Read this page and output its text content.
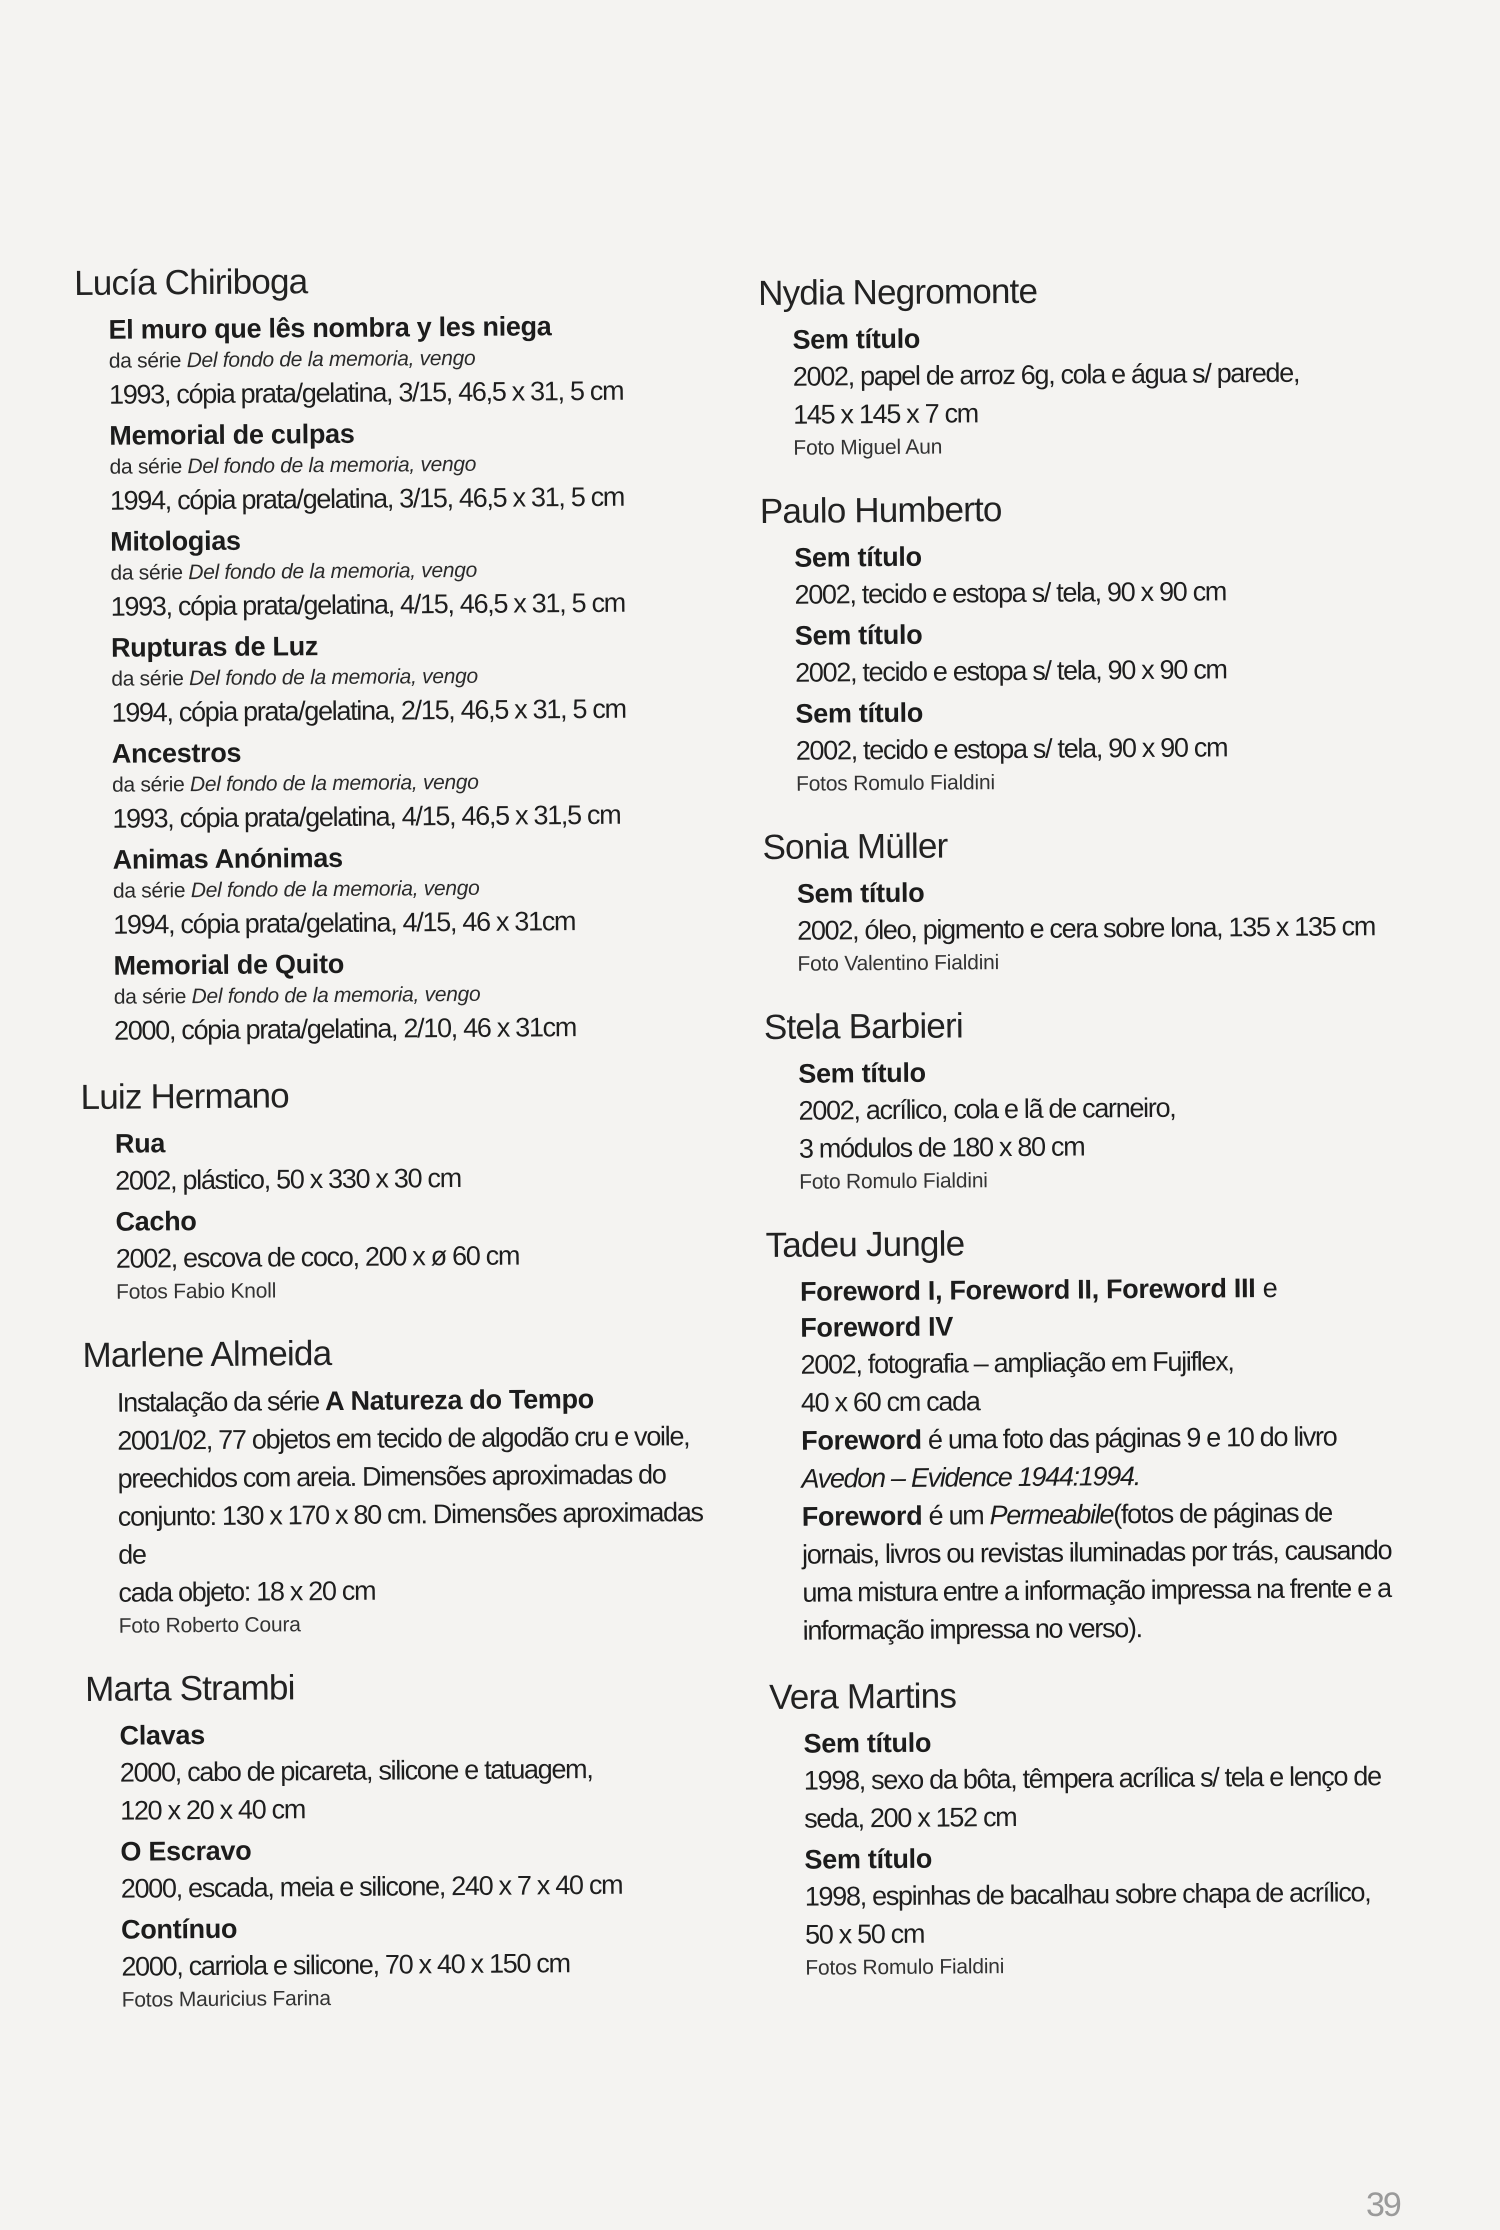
Lucía Chiriboga
El muro que lês nombra y les niega
da série Del fondo de la memoria, vengo
1993, cópia prata/gelatina, 3/15, 46,5 x 31, 5 cm
Memorial de culpas
da série Del fondo de la memoria, vengo
1994, cópia prata/gelatina, 3/15, 46,5 x 31, 5 cm
Mitologias
da série Del fondo de la memoria, vengo
1993, cópia prata/gelatina, 4/15, 46,5 x 31, 5 cm
Rupturas de Luz
da série Del fondo de la memoria, vengo
1994, cópia prata/gelatina, 2/15, 46,5 x 31, 5 cm
Ancestros
da série Del fondo de la memoria, vengo
1993, cópia prata/gelatina, 4/15, 46,5 x 31,5 cm
Animas Anónimas
da série Del fondo de la memoria, vengo
1994, cópia prata/gelatina, 4/15, 46 x 31cm
Memorial de Quito
da série Del fondo de la memoria, vengo
2000, cópia prata/gelatina, 2/10, 46 x 31cm
Luiz Hermano
Rua
2002, plástico, 50 x 330 x 30 cm
Cacho
2002, escova de coco, 200 x ø 60 cm
Fotos Fabio Knoll
Marlene Almeida
Instalação da série A Natureza do Tempo
2001/02, 77 objetos em tecido de algodão cru e voile,
preechidos com areia. Dimensões aproximadas do
conjunto: 130 x 170 x 80 cm. Dimensões aproximadas de
cada objeto: 18 x 20 cm
Foto Roberto Coura
Marta Strambi
Clavas
2000, cabo de picareta, silicone e tatuagem,
120 x 20 x 40 cm
O Escravo
2000, escada, meia e silicone, 240 x 7 x 40 cm
Contínuo
2000, carriola e silicone, 70 x 40 x 150 cm
Fotos Mauricius Farina
Nydia Negromonte
Sem título
2002, papel de arroz 6g, cola e água s/ parede,
145 x 145 x 7 cm
Foto Miguel Aun
Paulo Humberto
Sem título
2002, tecido e estopa s/ tela, 90 x 90 cm
Sem título
2002, tecido e estopa s/ tela, 90 x 90 cm
Sem título
2002, tecido e estopa s/ tela, 90 x 90 cm
Fotos Romulo Fialdini
Sonia Müller
Sem título
2002, óleo, pigmento e cera sobre lona, 135 x 135 cm
Foto Valentino Fialdini
Stela Barbieri
Sem título
2002, acrílico, cola e lã de carneiro,
3 módulos de 180 x 80 cm
Foto Romulo Fialdini
Tadeu Jungle
Foreword I, Foreword II, Foreword III e
Foreword IV
2002, fotografia – ampliação em Fujiflex,
40 x 60 cm cada
Foreword é uma foto das páginas 9 e 10 do livro
Avedon – Evidence 1944:1994.
Foreword é um Permeabile(fotos de páginas de
jornais, livros ou revistas iluminadas por trás, causando
uma mistura entre a informação impressa na frente e a
informação impressa no verso).
Vera Martins
Sem título
1998, sexo da bôta, têmpera acrílica s/ tela e lenço de
seda, 200 x 152 cm
Sem título
1998, espinhas de bacalhau sobre chapa de acrílico,
50 x 50 cm
Fotos Romulo Fialdini
39
